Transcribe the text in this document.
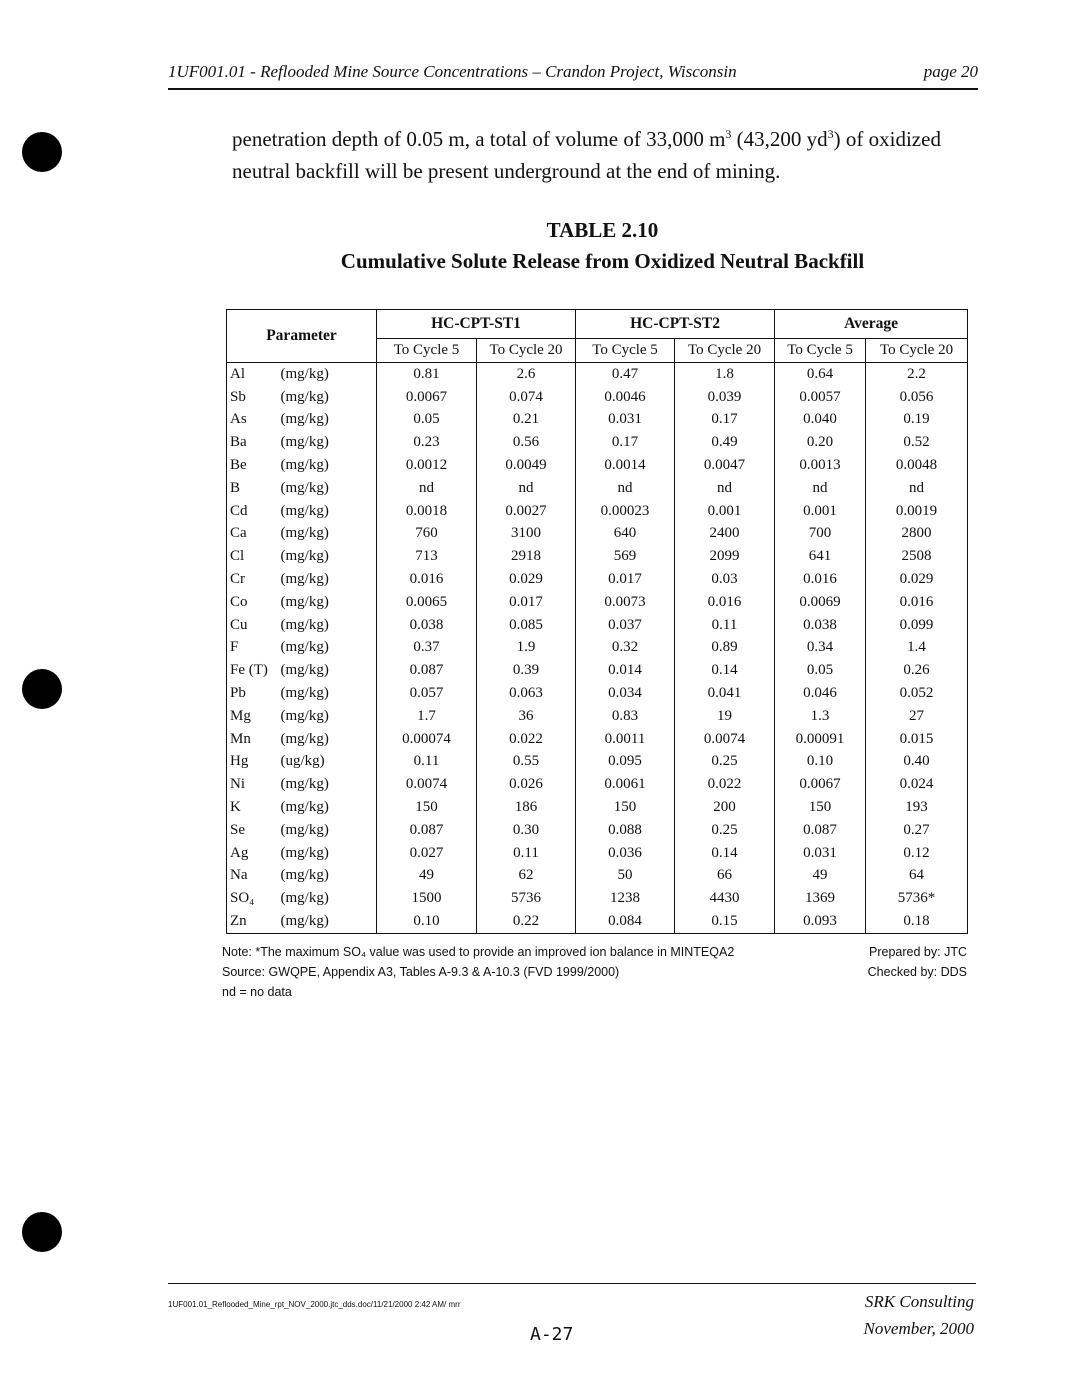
1UF001.01 - Reflooded Mine Source Concentrations – Crandon Project, Wisconsin	page 20
penetration depth of 0.05 m, a total of volume of 33,000 $m^3$ (43,200 $yd^3$) of oxidized neutral backfill will be present underground at the end of mining.
TABLE 2.10
Cumulative Solute Release from Oxidized Neutral Backfill
Parameter		HC-CPT-ST1		HC-CPT-ST2		Average	
		To Cycle 5	To Cycle 20	To Cycle 5	To Cycle 20	To Cycle 5	To Cycle 20
Al	(mg/kg)	0.81	2.6	0.47	1.8	0.64	2.2
Sb	(mg/kg)	0.0067	0.074	0.0046	0.039	0.0057	0.056
As	(mg/kg)	0.05	0.21	0.031	0.17	0.040	0.19
Ba	(mg/kg)	0.23	0.56	0.17	0.49	0.20	0.52
Be	(mg/kg)	0.0012	0.0049	0.0014	0.0047	0.0013	0.0048
B	(mg/kg)	nd	nd	nd	nd	nd	nd
Cd	(mg/kg)	0.0018	0.0027	0.00023	0.001	0.001	0.0019
Ca	(mg/kg)	760	3100	640	2400	700	2800
Cl	(mg/kg)	713	2918	569	2099	641	2508
Cr	(mg/kg)	0.016	0.029	0.017	0.03	0.016	0.029
Co	(mg/kg)	0.0065	0.017	0.0073	0.016	0.0069	0.016
Cu	(mg/kg)	0.038	0.085	0.037	0.11	0.038	0.099
F	(mg/kg)	0.37	1.9	0.32	0.89	0.34	1.4
Fe (T)	(mg/kg)	0.087	0.39	0.014	0.14	0.05	0.26
Pb	(mg/kg)	0.057	0.063	0.034	0.041	0.046	0.052
Mg	(mg/kg)	1.7	36	0.83	19	1.3	27
Mn	(mg/kg)	0.00074	0.022	0.0011	0.0074	0.00091	0.015
Hg	(ug/kg)	0.11	0.55	0.095	0.25	0.10	0.40
Ni	(mg/kg)	0.0074	0.026	0.0061	0.022	0.0067	0.024
K	(mg/kg)	150	186	150	200	150	193
Se	(mg/kg)	0.087	0.30	0.088	0.25	0.087	0.27
Ag	(mg/kg)	0.027	0.11	0.036	0.14	0.031	0.12
Na	(mg/kg)	49	62	50	66	49	64
SO₄	(mg/kg)	1500	5736	1238	4430	1369	5736*
Zn	(mg/kg)	0.10	0.22	0.084	0.15	0.093	0.18
Note: *The maximum SO₄ value was used to provide an improved ion balance in MINTEQA2	Prepared by: JTC
Source: GWQPE, Appendix A3, Tables A-9.3 & A-10.3 (FVD 1999/2000)	Checked by: DDS
nd = no data
1UF001.01_Reflooded_Mine_rpt_NOV_2000.jtc_dds.doc/11/21/2000 2:42 AM/ mrr	SRK Consulting
November, 2000
A-27
